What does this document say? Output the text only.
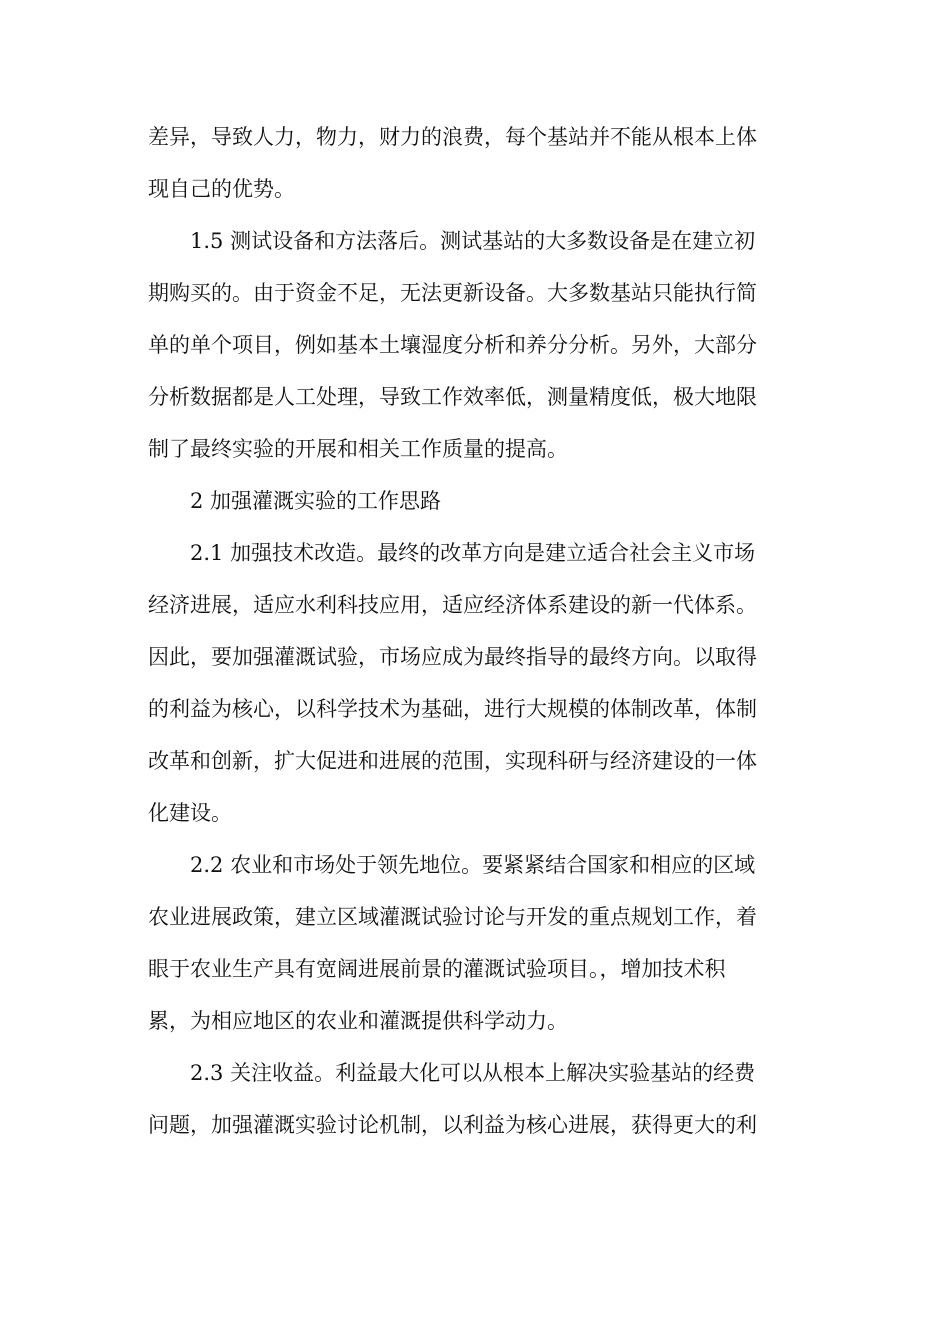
差异，导致人力，物力，财力的浪费，每个基站并不能从根本上体

现自己的优势。

1.5 测试设备和方法落后。测试基站的大多数设备是在建立初

期购买的。由于资金不足，无法更新设备。大多数基站只能执行简

单的单个项目，例如基本土壤湿度分析和养分分析。另外，大部分

分析数据都是人工处理，导致工作效率低，测量精度低，极大地限

制了最终实验的开展和相关工作质量的提高。

2 加强灌溉实验的工作思路

2.1 加强技术改造。最终的改革方向是建立适合社会主义市场

经济进展，适应水利科技应用，适应经济体系建设的新一代体系。

因此，要加强灌溉试验，市场应成为最终指导的最终方向。以取得

的利益为核心，以科学技术为基础，进行大规模的体制改革，体制

改革和创新，扩大促进和进展的范围，实现科研与经济建设的一体

化建设。

2.2 农业和市场处于领先地位。要紧紧结合国家和相应的区域

农业进展政策，建立区域灌溉试验讨论与开发的重点规划工作，着

眼于农业生产具有宽阔进展前景的灌溉试验项目。，增加技术积

累，为相应地区的农业和灌溉提供科学动力。

2.3 关注收益。利益最大化可以从根本上解决实验基站的经费

问题，加强灌溉实验讨论机制，以利益为核心进展，获得更大的利
